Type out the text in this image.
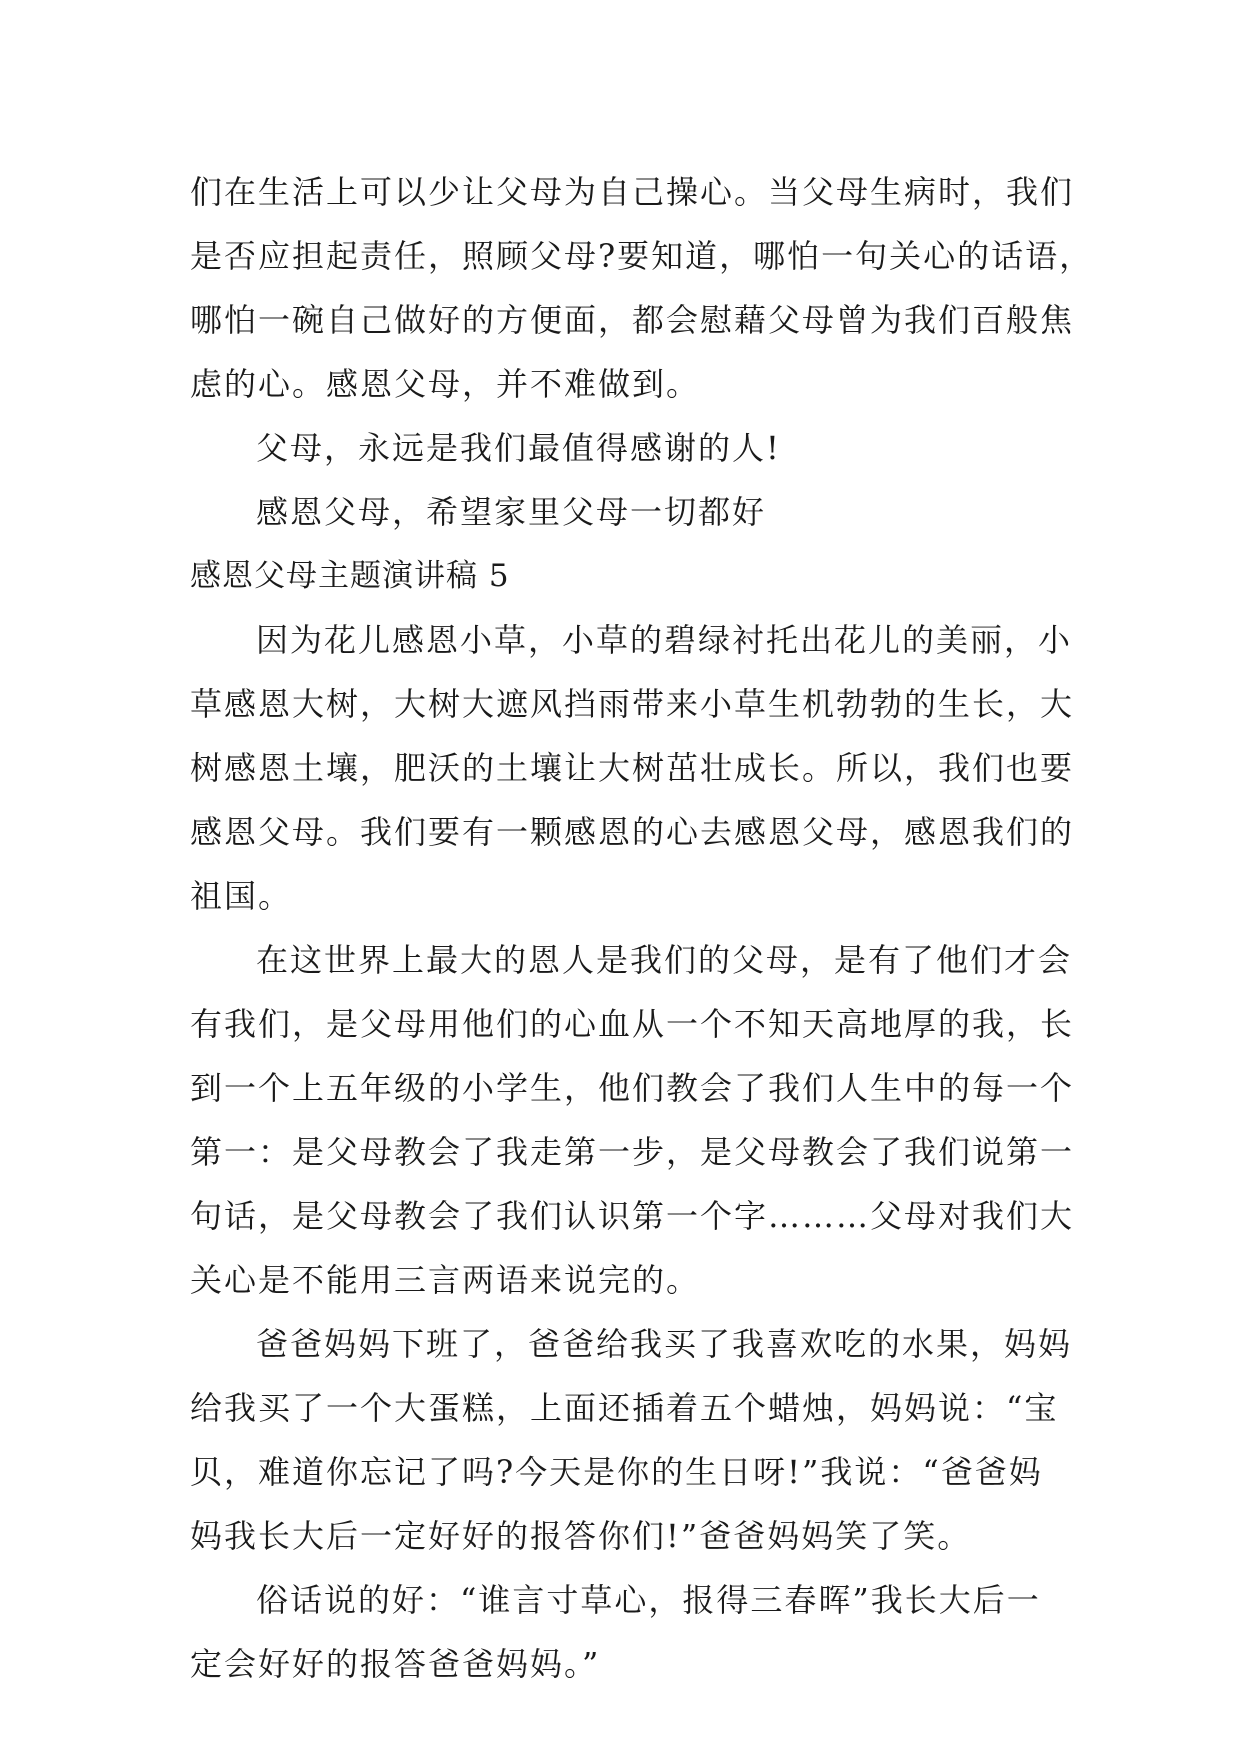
们在生活上可以少让父母为自己操心。当父母生病时，我们
是否应担起责任，照顾父母?要知道，哪怕一句关心的话语，
哪怕一碗自己做好的方便面，都会慰藉父母曾为我们百般焦
虑的心。感恩父母，并不难做到。
父母，永远是我们最值得感谢的人!
感恩父母，希望家里父母一切都好
感恩父母主题演讲稿 5
因为花儿感恩小草，小草的碧绿衬托出花儿的美丽，小
草感恩大树，大树大遮风挡雨带来小草生机勃勃的生长，大
树感恩土壤，肥沃的土壤让大树茁壮成长。所以，我们也要
感恩父母。我们要有一颗感恩的心去感恩父母，感恩我们的
祖国。
在这世界上最大的恩人是我们的父母，是有了他们才会
有我们，是父母用他们的心血从一个不知天高地厚的我，长
到一个上五年级的小学生，他们教会了我们人生中的每一个
第一：是父母教会了我走第一步，是父母教会了我们说第一
句话，是父母教会了我们认识第一个字………父母对我们大
关心是不能用三言两语来说完的。
爸爸妈妈下班了，爸爸给我买了我喜欢吃的水果，妈妈
给我买了一个大蛋糕，上面还插着五个蜡烛，妈妈说：“宝
贝，难道你忘记了吗?今天是你的生日呀!”我说：“爸爸妈
妈我长大后一定好好的报答你们!”爸爸妈妈笑了笑。
俗话说的好：“谁言寸草心，报得三春晖”我长大后一
定会好好的报答爸爸妈妈。”
